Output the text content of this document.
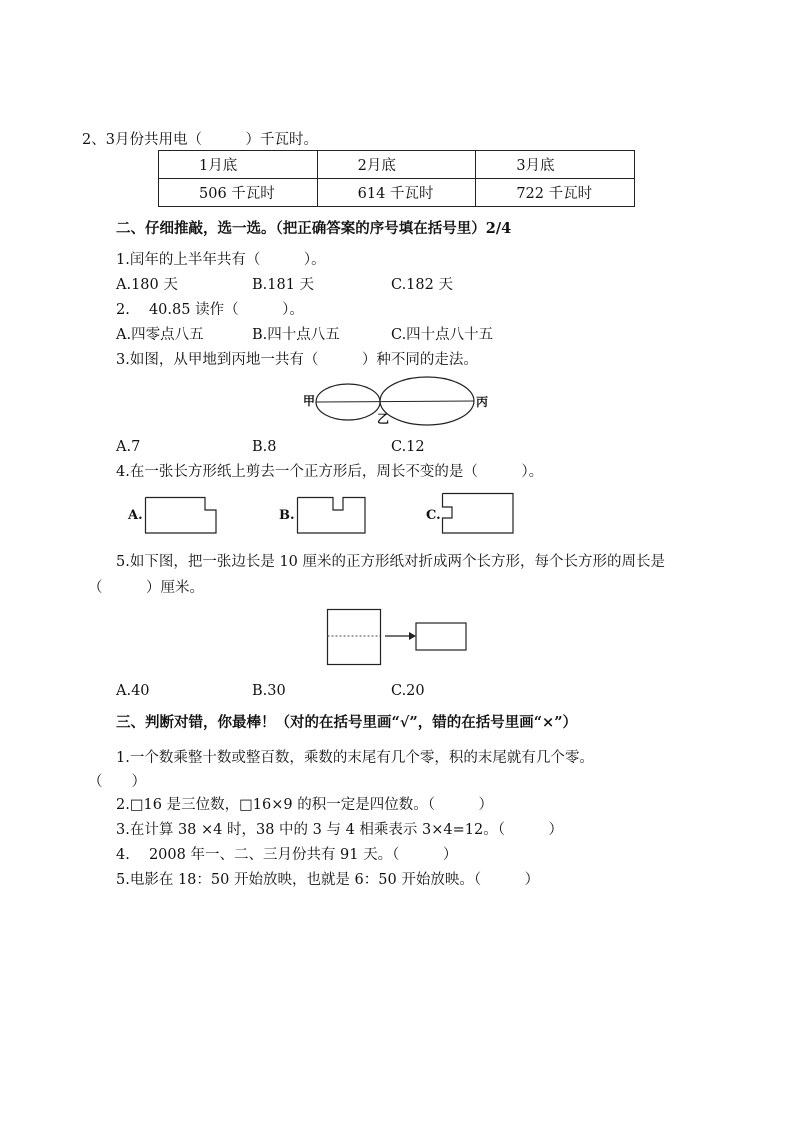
2、3月份共用电（　　　）千瓦时。
1月底	2月底	3月底
506 千瓦时	614 千瓦时	722 千瓦时
二、仔细推敲，选一选。（把正确答案的序号填在括号里）2/4
1.闰年的上半年共有（　　　）。
A.180 天	B.181 天	C.182 天
2.　 40.85 读作（　　　）。
A.四零点八五	B.四十点八五	C.四十点八十五
3.如图，从甲地到丙地一共有（　　　）种不同的走法。
甲
乙
丙
A.7	B.8	C.12
4.在一张长方形纸上剪去一个正方形后，周长不变的是（　　　）。
A.	B.	C.
5.如下图，把一张边长是 10 厘米的正方形纸对折成两个长方形，每个长方形的周长是
（　　　）厘米。
A.40	B.30	C.20
三、判断对错，你最棒！（对的在括号里画“√”，错的在括号里画“×”）
1.一个数乘整十数或整百数，乘数的末尾有几个零，积的末尾就有几个零。
（　　）
2.□16 是三位数，□16×9 的积一定是四位数。（　　　）
3.在计算 38 ×4 时，38 中的 3 与 4 相乘表示 3×4=12。（　　　）
4.　 2008 年一、二、三月份共有 91 天。（　　　）
5.电影在 18：50 开始放映，也就是 6：50 开始放映。（　　　）
